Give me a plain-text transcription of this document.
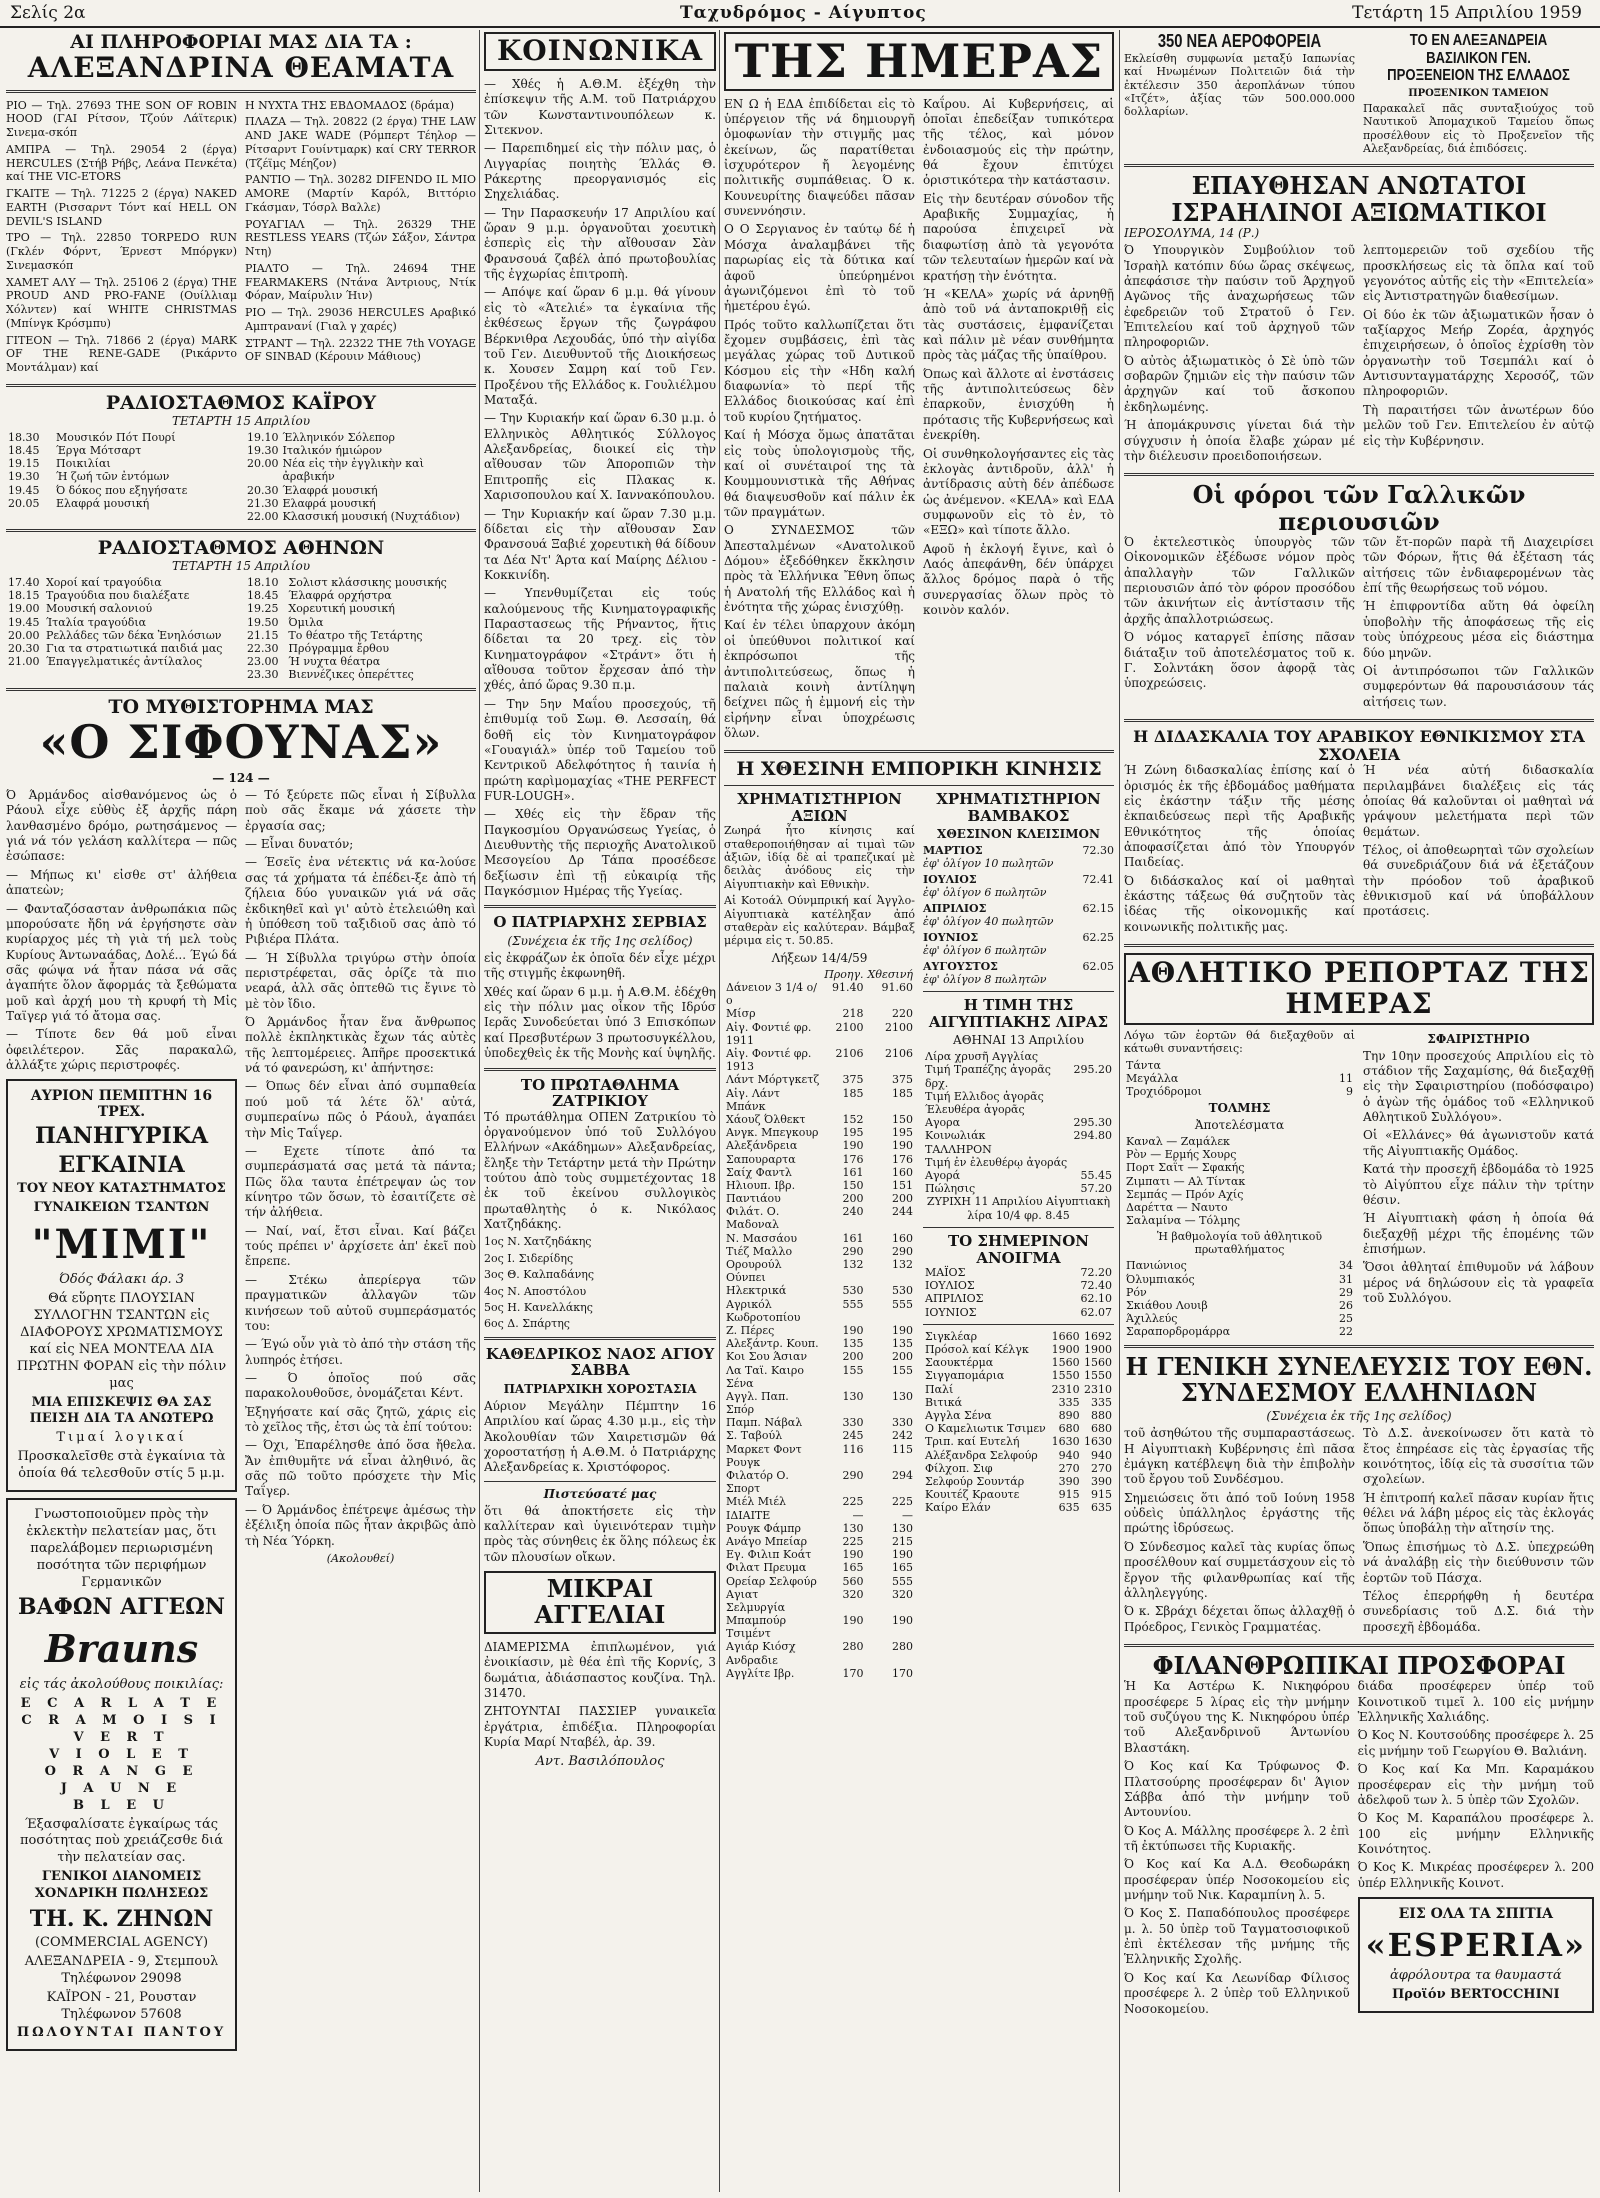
Σελίς 2α	Ταχυδρόμος - Αίγυπτος	Τετάρτη 15 Απριλίου 1959
ΑΙ ΠΛΗΡΟΦΟΡΙΑΙ ΜΑΣ ΔΙΑ ΤΑ :
ΑΛΕΞΑΝΔΡΙΝΑ ΘΕΑΜΑΤΑ

ΡΙΟ — Τηλ. 27693 THE SON OF ROBIN HOOD (ΓΑΙ Ρίτσον, Τζούν Λάϊτερικ) Σινεμα-σκόπ

ΑΜΠΡΑ — Τηλ. 29054 2 (έργα) HERCULES (Στήβ Ρήβς, Λεάνα Πενκέτα) καί THE VIC-ETORS

ΓΚΑΙΤΕ — Τηλ. 71225 2 (έργα) NAKED EARTH (Ρισσαρντ Τόντ καί HELL ON DEVIL'S ISLAND

ΤΡΟ — Τηλ. 22850 TORPEDO RUN (Γκλέν Φόρντ, Έρνεστ Μπόργκν) Σινεμασκόπ

ΧΑΜΕΤ ΑΛΥ — Τηλ. 25106 2 (έργα) THE PROUD AND PRO-FANE (Ουίλλιαμ Χόλντεν) καί WHITE CHRISTMAS (Μπίνγκ Κρόσμπυ)

ΓΙΤΕΟΝ — Τηλ. 71866 2 (έργα) MARK OF THE RENE-GADE (Ρικάρντο Μοντάλμαν) καί

Η ΝΥΧΤΑ ΤΗΣ ΕΒΔΟΜΑΔΟΣ (δράμα)

ΠΛΑΖΑ — Τηλ. 20822 (2 έργα) THE LAW AND JAKE WADE (Ρόμπερτ Τέηλορ — Ρίτσαρντ Γουίντμαρκ) καί CRY TERROR (Τζέϊμς Μέηζον)

ΡΑΝΤΙΟ — Τηλ. 30282 DIFENDO IL MIO AMORE (Μαρτίν Καρόλ, Βιττόριο Γκάσμαν, Τόσρλ Βαλλε)

ΡΟΥΑΓΙΑΛ — Τηλ. 26329 THE RESTLESS YEARS (Τζών Σάξον, Σάντρα Ντη)

ΡΙΑΛΤΟ — Τηλ. 24694 THE FEARMAKERS (Ντάνα Άντριους, Ντίκ Φόραν, Μαίρυλιν Ήιν)

ΡΙΟ — Τηλ. 29036 HERCULES Αραβικό Αμπτρανανί (Γιαλ γ χαρές)

ΣΤΡΑΝΤ — Τηλ. 22322 THE 7th VOYAGE OF SINBAD (Κέρουιν Μάθιους)

ΡΑΔΙΟΣΤΑΘΜΟΣ ΚΑΪΡΟΥ
ΤΕΤΑΡΤΗ 15 Απριλίου
18.30	Μουσικόν Πότ Πουρί
18.45	Έργα Μότσαρτ
19.15	Ποικιλίαι
19.30	Ή ζωή τῶν ἐντόμων
19.45	Ό δόκος που εξηγήσατε
20.05	Ελαφρά μουσική
19.10	Έλληνικόν Σόλεπορ
19.30	Ιταλικόν ήμιώρον
20.00	Νέα εἰς τὴν ἐγγλικὴν καὶ ἀραβικήν
20.30	Έλαφρά μουσική
21.30	Ελαφρά μουσική
22.00	Κλασσική μουσική (Νυχτάδιον)
ΡΑΔΙΟΣΤΑΘΜΟΣ ΑΘΗΝΩΝ
ΤΕΤΑΡΤΗ 15 Απριλίου
17.40	Χοροί καί τραγούδια
18.15	Τραγούδια που διαλέξατε
19.00	Μουσική σαλονιού
19.45	Ίταλία τραγούδια
20.00	Ρελλάδες τῶν δέκα Ἐνηλόσιων
20.30	Για τα στρατιωτικά παιδιά μας
21.00	Έπαγγελματικές ἀντίλαλος
18.10	Σολιστ κλάσσικης μουσικής
18.45	Έλαφρά ορχήστρα
19.25	Χορευτική μουσική
19.50	Όμιλα
21.15	Το θέατρο τῆς Τετάρτης
22.30	Πρόγραμμα ἔρθου
23.00	Ή νυχτα θέατρα
23.30	Βιεννέζικες ὁπερέττες
ΤΟ ΜΥΘΙΣΤΟΡΗΜΑ ΜΑΣ
«Ο ΣΙΦΟΥΝΑΣ»
— 124 —

Ό Άρμάνδος αἰσθανόμενος ὡς ὁ Ράουλ εἶχε εὐθὺς ἐξ ἀρχῆς πάρη λανθασμένο δρόμο, ρωτησάμενος — γιά νά τόν γελάση καλλίτερα — πῶς ἐσώπασε:

— Μήπως κι' εἰσθε στ' ἀλήθεια ἀπατεὼν;

— Φανταζόσασταν ἀνθρωπάκια πῶς μπορούσατε ἤδη νά ἐργήσηστε σὰν κυρίαρχος μές τὴ γιὰ τή μελ τοὺς Κυρίους Άντωναάδας, Δολέ... Έγώ δά σᾶς φώψα νά ἦταν πάσα νά σᾶς ἀγαπήτε ὅλον ἄφορμάς τὰ ξεθώματα μοῦ καὶ ἀρχή μου τὴ κρυφή τὴ Μἰς Ταϊγερ γιά τό ἄτομα σας.

— Τίποτε δεν θά μοῦ εἶναι ὀφειλέτερον. Σᾶς παρακαλῶ, ἀλλάξτε χώρις περιστροφές.

ΑΥΡΙΟΝ ΠΕΜΠΤΗΝ 16 ΤΡΕΧ.
ΠΑΝΗΓΥΡΙΚΑ
ΕΓΚΑΙΝΙΑ
ΤΟΥ ΝΕΟΥ ΚΑΤΑΣΤΗΜΑΤΟΣ
ΓΥΝΑΙΚΕΙΩΝ ΤΣΑΝΤΩΝ
"ΜΙΜΙ"
Όδός Φάλακι άρ. 3
Θά εὕρητε ΠΛΟΥΣΙΑΝ ΣΥΛΛΟΓΗΝ ΤΣΑΝΤΩΝ εἰς ΔΙΑΦΟΡΟΥΣ ΧΡΩΜΑΤΙΣΜΟΥΣ καί εἰς ΝΕΑ ΜΟΝΤΕΛΑ ΔΙΑ ΠΡΩΤΗΝ ΦΟΡΑΝ εἰς τὴν πόλιν μας
ΜΙΑ ΕΠΙΣΚΕΨΙΣ ΘΑ ΣΑΣ ΠΕΙΣΗ ΔΙΑ ΤΑ ΑΝΩΤΕΡΩ
Τιμαί λογικαί
Προσκαλεῖσθε στὰ ἐγκαίνια τὰ ὁποία θά τελεσθοῦν στίς 5 μ.μ.
Γνωστοποιοῦμεν πρὸς τὴν ἐκλεκτὴν πελατείαν μας, ὅτι παρελάβομεν περιωρισμένη ποσότητα τῶν περιφήμων Γερμανικῶν
ΒΑΦΩΝ ΑΓΓΕΩΝ
Brauns
εἰς τάς ἀκολούθους ποικιλίας:
E C A R L A T E
C R A M O I S I
V E R T
V I O L E T
O R A N G E
J A U N E
B L E U
Έξασφαλίσατε ἐγκαίρως τάς ποσότητας ποὺ χρειάζεσθε διά τὴν πελατείαν σας.
ΓΕΝΙΚΟΙ ΔΙΑΝΟΜΕΙΣ ΧΟΝΔΡΙΚΗ ΠΩΛΗΣΕΩΣ
ΤΗ. Κ. ΖΗΝΩΝ
(COMMERCIAL AGENCY)
ΑΛΕΞΑΝΔΡΕΙΑ - 9, Στεμπουλ Τηλέφωνον 29098
ΚΑΪΡΟΝ - 21, Ρουσταν Τηλέφωνον 57608
ΠΩΛΟΥΝΤΑΙ ΠΑΝΤΟΥ

— Τό ξεύρετε πῶς εἶναι ἡ Σίβυλλα ποὺ σᾶς ἔκαμε νά χάσετε τὴν ἐργασία σας;

— Εἶναι δυνατόν;

— Έσεῖς ἐνα νέτεκτις νά κα-λούσε σας τά χρήματα τά ἐπέδει-ξε ἀπὸ τή ζήλεια δύο γυναικῶν γιά νά σᾶς ἐκδικηθεῖ καὶ γι' αὐτὸ ἐτελειώθη καὶ ἡ ὑπόθεση τοῦ ταξιδιοῦ σας ἀπὸ τό Ριβιέρα Πλάτα.

— Ή Σίβυλλα τριγύρω στὴν ὁποία περιστρέφεται, σᾶς ὁρίζε τὰ πιο νεαρά, ἀλλ σᾶς ὀπτεθῶ τις ἔγινε τὸ μὲ τὸν ἴδιο.

Ό Άρμάνδος ἦταν ἕνα ἄνθρωπος πολλὲ ἐκπληκτικὰς ἔχων τάς αὐτὲς τῆς λεπτομέρειες. Άπῆρε προσεκτικά νά τό φανερώση, κι' ἀπήντησε:

— Όπως δέν εἶναι ἀπό συμπαθεία πού μοῦ τά λέτε ὅλ' αὐτά, συμπεραίνω πῶς ὁ Ράουλ, ἀγαπάει τὴν Μἰς Ταΐγερ.

— Εχετε τίποτε ἀπό τα συμπεράσματά σας μετά τὰ πάντα; Πῶς ὅλα ταυτα ἐπέτρεψαν ὡς τον κίνητρο τῶν ὅσων, τὸ ἐσαιτίζετε σὲ τήν ἀλήθεια.

— Ναί, ναί, ἔτσι εἶναι. Καί βάζει τούς πρέπει ν' ἀρχίσετε ἀπ' ἐκεῖ ποὺ ἔπρεπε.

— Στέκω ἀπερίεργα τῶν πραγματικῶν ἀλλαγῶν τῶν κινήσεων τοῦ αὐτοῦ συμπεράσματός του:

— Έγώ οὖν γιὰ τὸ ἀπό τὴν στάση τῆς λυπηρός ἐτήσει.

— Ό ὁποῖος πού σᾶς παρακολουθοῦσε, ὀνομάζεται Κέντ.

Ἐξηγήσατε καί σᾶς ζητῶ, χάρις εἰς τὸ χεῖλος τῆς, ἐτσι ὡς τὰ ἐπί τούτου:

— Όχι, Ἐπαρέλησθε ἀπό ὅσα ἤθελα. Ἄν ἐπιθυμῆτε νά εἶναι ἀληθινό, ἂς σᾶς πῶ τοῦτο πρόσχετε τὴν Μἰς Ταΐγερ.

— Ό Άρμάνδος ἐπέτρεψε ἀμέσως τὴν ἐξέλιξη ὁποία πῶς ἦταν ἀκριβῶς ἀπὸ τὴ Νέα Ύόρκη.

(Ακολουθεί)
ΚΟΙΝΩΝΙΚΑ

— Χθές ἡ Α.Θ.Μ. ἐξέχθη τὴν ἐπίσκεψιν τῆς Α.Μ. τοῦ Πατριάρχου τῶν Κωνσταντινουπόλεων κ. Σιτεκνον.

— Παρεπιδημεί εἰς τὴν πόλιν μας, ὁ Λιγγαρίας ποιητὴς Έλλάς Θ. Ράκερτης πρεοργανισμός εἰς Σηχελιάδας.

— Την Παρασκευήν 17 Απριλίου καί ὥραν 9 μ.μ. ὀργανοῦται χοευτικὴ ἑσπερὶς εἰς τὴν αἴθουσαν Σὰν Φρανσουά ζαβέλ ἀπό πρωτοβουλίας τῆς ἐγχωρίας ἐπιτροπὴ.

— Απόψε καί ὥραν 6 μ.μ. θά γίνουν εἰς τὸ «Άτελιέ» τα ἐγκαίνια τῆς ἐκθέσεως ἔργων τῆς ζωγράφου Βέρκνιθρα Λεχουδάς, ὑπό τὴν αἰγίδα τοῦ Γεν. Διευθυντοῦ τῆς Διοικήσεως κ. Χουσεν Σαμρη καί τοῦ Γεν. Προξένου τῆς Ελλάδος κ. Γουλιέλμου Ματαξά.

— Την Κυριακήν καί ὥραν 6.30 μ.μ. ὁ Ελληνικὸς Αθλητικός Σύλλογος Αλεξανδρείας, διοικεί εἰς τὴν αἴθουσαν τῶν Άποροπιῶν τὴν Επιτροπῆς εἰς Πλακας κ. Χαρισοπουλου καί Χ. Ιαννακόπουλου.

— Την Κυριακήν καί ὥραν 7.30 μ.μ. δίδεται εἰς τὴν αἴθουσαν Σαν Φρανσουά Ξαβιέ χορευτικὴ θά δίδουν τα Δέα Ντ' Άρτα καί Μαίρης Δέλιου - Κοκκινίδη.

— Υπενθυμίζεται εἰς τούς καλούμενους τῆς Κινηματογραφικῆς Παραστασεως τῆς Ρήναντος, ἥτις δίδεται τα 20 τρεχ. εἰς τὸν Κινηματογράφον «Στράντ» ὅτι ἡ αἴθουσα τοῦτον ἔρχεσαν ἀπό τὴν χθές, ἀπό ὥρας 9.30 π.μ.

— Την 5ην Μαΐου προσεχούς, τῆ ἐπιθυμίᾳ τοῦ Σωμ. Θ. Λεσσαίη, θά δοθῆ εἰς τὸν Κινηματογράφον «Γουαγιάλ» ὑπέρ τοῦ Ταμείου τοῦ Κεντρικοῦ Αδελφότητος ἡ ταινία ἡ πρώτη καρὶμομαχίας «THE PERFECT FUR-LOUGH».

— Χθές εἰς τὴν ἕδραν τῆς Παγκοσμίου Οργανώσεως Υγείας, ὁ Διευθυντὴς τῆς περιοχῆς Ανατολικοῦ Μεσογείου Δρ Τάπα προσέδεσε δεξίωσιν ἐπὶ τῇ εὐκαιρίᾳ τῆς Παγκόσμιον Ημέρας τῆς Υγείας.

Ο ΠΑΤΡΙΑΡΧΗΣ ΣΕΡΒΙΑΣ
(Συνέχεια ἐκ τῆς 1ης σελίδος)

εἰς ἐκφράζων ἐκ ὁποῖα δέν εἶχε μέχρι τῆς στιγμῆς ἐκφωνηθῆ.

Χθές καί ὥραν 6 μ.μ. ἡ Α.Θ.Μ. ἐδέχθη εἰς τὴν πόλιν μας οἶκον τῆς Ιδρύσ Ιερᾶς Συνοδεύεται ὑπό 3 Επισκόπων καί Πρεσβυτέρων 3 πρωτοσυγκέλλου, ὑποδεχθεὶς ἐκ τῆς Μονὴς καί ὑψηλῆς.

ΤΟ ΠΡΩΤΑΘΛΗΜΑ ΖΑΤΡΙΚΙΟΥ

Τό πρωτάθλημα ΟΠΕΝ Ζατρικίου τὸ ὀργανούμενον ὑπό τοῦ Συλλόγου Ελλήνων «Ακάδημων» Αλεξανδρείας, ἔληξε τὴν Τετάρτην μετά τὴν Πρώτην τούτου ἀπὸ τοὺς συμμετέχοντας 18 ἐκ τοῦ ἐκείνου συλλογικὸς πρωταθλητὴς ὁ κ. Νικόλαος Χατζηδάκης.

1ος Ν. Χατζηδάκης

2ος Ι. Σιδερίδης

3ος Θ. Καλπαδάνης

4ος Ν. Αποστόλου

5ος Η. Κανελλάκης

6ος Δ. Σπάρτης

ΚΑΘΕΔΡΙΚΟΣ ΝΑΟΣ ΑΓΙΟΥ ΣΑΒΒΑ
ΠΑΤΡΙΑΡΧΙΚΗ ΧΟΡΟΣΤΑΣΙΑ

Αύριον Μεγάλην Πέμπτην 16 Απριλίου καί ὥρας 4.30 μ.μ., εἰς τὴν Ἀκολουθίαν τῶν Χαιρετισμῶν θά χοροστατήσῃ ἡ Α.Θ.Μ. ὁ Πατριάρχης Αλεξανδρείας κ. Χριστόφορος.

Πιστεύσατέ μας

ὅτι θά ἀποκτήσετε εἰς τὴν καλλίτεραν καὶ ὑγιεινότεραν τιμὴν πρὸς τὰς σύνηθεις ἐκ ὅλης πόλεως ἐκ τῶν πλουσίων οἴκων.

ΜΙΚΡΑΙ ΑΓΓΕΛΙΑΙ

ΔΙΑΜΕΡΙΣΜΑ ἐπιπλωμένον, γιά ἐνοικίασιν, μὲ θέα ἐπὶ τῆς Κορνίς, 3 δωμάτια, ἀδιάσπαστος κουζίνα. Τηλ. 31470.

ΖΗΤΟΥΝΤΑΙ ΠΑΣΣΙΕΡ γυναικεῖα ἐργάτρια, ἐπιδέξια. Πληροφορίαι Κυρία Μαρί Νταβέλ, ἀρ. 39.

Αντ. Βασιλόπουλος
ΤΗΣ ΗΜΕΡΑΣ

ΕΝ Ω ἡ ΕΔΑ ἐπιδίδεται εἰς τὸ ὑπέργειον τῆς νά δημιουργῆ ὁμοφωνίαν τὴν στιγμῆς μας ἐκείνων, ὥς παρατίθεται ἰσχυρότερον ἤ λεγομένης πολιτικῆς συμπάθειας. Ό κ. Κουνευρίτης διαψεύδει πᾶσαν συνεννόησιν.

Ο Ο Σεργιανος ἐν ταύτῳ δέ ἡ Μόσχα ἀναλαμβάνει τῆς παρωρίας εἰς τὰ δύτικα καί ἀφοῦ ὑπεύρημένοι ἀγωνιζόμενοι ἐπὶ τὸ τοῦ ἡμετέρου ἐγώ.

Πρός τοῦτο καλλωπίζεται ὅτι ἔχομεν συμβάσεις, ἐπὶ τὰς μεγάλας χώρας τοῦ Δυτικοῦ Κόσμου εἰς τὴν «Ηδη καλή διαφωνία» τὸ περί τῆς Ελλάδος διοικούσας καί ἐπὶ τοῦ κυρίου ζητήματος.

Καί ἡ Μόσχα ὅμως ἀπατᾶται εἰς τοὺς ὑπολογισμοὺς τῆς, καί οἱ συνέταιροί της τὰ Κουμμουνιστικὰ τῆς Αθήνας θά διαψευσθοῦν καί πάλιν ἐκ τῶν πραγμάτων.

Ο ΣΥΝΔΕΣΜΟΣ τῶν Ἀπεσταλμένων «Ανατολικοῦ Δόμου» ἐξεδόθηκεν ἔκκλησιν πρὸς τὰ Ἐλλήνικα Ἔθνη ὅπως ἡ Ανατολή τῆς Ελλάδος καὶ ἡ ἐνότητα τῆς χώρας ἐνισχύθῃ.

Καί ἐν τέλει ὑπαρχουν ἀκόμη οἱ ὑπεύθυνοι πολιτικοί καί ἐκπρόσωποι τῆς ἀντιπολιτεύσεως, ὅπως ἡ παλαιὰ κοινὴ ἀντίληψη δείχνει πῶς ἡ ἐμμονή εἰς τὴν εἰρήνην εἶναι ὑποχρέωσις ὅλων.

Καΐρου. Αἱ Κυβερνήσεις, αἱ ὁποῖαι ἐπεδείξαν τυπικότερα τῆς τέλος, καὶ μόνον ἐνδοιασμούς εἰς τὴν πρώτην, θά ἔχουν ἐπιτύχει ὁριστικότερα τὴν κατάστασιν.

Εἰς τὴν δευτέραν σύνοδον τῆς Αραβικῆς Συμμαχίας, ἡ παρούσα ἐπιχειρεῖ νὰ διαφωτίσῃ ἀπὸ τὰ γεγονότα τῶν τελευταίων ἡμερῶν καί νὰ κρατήσῃ τὴν ἑνότητα.

Ή «ΚΕΛΑ» χωρίς νά ἀρνηθῇ ἀπὸ τοῦ νά ἀνταποκριθῇ εἰς τὰς συστάσεις, ἐμφανίζεται καὶ πάλιν μὲ νέαν συνθήμητα πρὸς τὰς μάζας τῆς ὑπαίθρου.

Όπως καὶ ἄλλοτε αἱ ἐνστάσεις τῆς ἀντιπολιτεύσεως δὲν ἐπαρκοῦν, ἐνισχύθη ἡ πρότασις τῆς Κυβερνήσεως καὶ ἐνεκρίθη.

Οἱ συνθηκολογήσαντες εἰς τὰς ἐκλογὰς ἀντιδροῦν, ἀλλ' ἡ ἀντίδρασις αὐτὴ δέν ἀπέδωσε ὡς ἀνέμενον. «ΚΕΛΑ» καὶ ΕΔΑ συμφωνοῦν εἰς τὸ ἐν, τὸ «ΕΞΩ» καὶ τίποτε ἄλλο.

Αφοῦ ἡ ἐκλογή ἔγινε, καὶ ὁ Λαός ἀπεφάνθη, δέν ὑπάρχει ἄλλος δρόμος παρὰ ὁ τῆς συνεργασίας ὅλων πρὸς τὸ κοινὸν καλόν.

Η ΧΘΕΣΙΝΗ ΕΜΠΟΡΙΚΗ ΚΙΝΗΣΙΣ
ΧΡΗΜΑΤΙΣΤΗΡΙΟΝ ΑΞΙΩΝ

Ζωηρά ἦτο κίνησις καί σταθεροποιήθησαν αἱ τιμαὶ τῶν ἀξιῶν, ἰδίᾳ δὲ αἱ τραπεζικαί μὲ δειλὰς ἀνόδους εἰς τὴν Αἰγυπτιακὴν καὶ Εθνικὴν.

Αἱ Κοτοάλ Ούνμπρική καί Ἀγγλο-Αἰγυπτιακὰ κατέληξαν ἀπό σταθερὰν εἰς καλύτεραν. Βάμβαξ μέριμα εἰς τ. 50.85.

Λήξεων 14/4/59
	Προηγ.	Χθεσινή
Δάνειον 3 1/4 ο/ο	91.40	91.60
Μίσρ	218	220
Αἰγ. Φοντιέ φρ. 1911	2100	2100
Αἰγ. Φοντιέ φρ. 1913	2106	2106
Λάντ Μόρτγκετζ	375	375
Αἰγ. Λάντ Μπάνκ	185	185
Χάουζ Όλθεκτ	152	150
Ανγκ. Μπεγκουρ	195	195
Αλεξάνδρεια	190	190
Σαπουραρτα	176	176
Σαίχ Φαντλ	161	160
Ηλιουπ. Ιβρ.	150	151
Παντιάου	200	200
Φιλάτ. Ο. Μαδοναλ	240	244
Ν. Μασσάου	161	160
Τιέζ Μαλλο	290	290
Ορουρούλ Ούνπει	132	132
Ηλεκτρικά	530	530
Αγρικόλ Κωδροτοπίου	555	555
Ζ. Πέρες	190	190
Αλεξάντρ. Κουπ.	135	135
Κοι Σου Άσιαν	200	200
Λα Ταϊ. Καιρο Σένα	155	155
Αγγλ. Παπ. Σπόρ	130	130
Παμπ. Νάβαλ	330	330
Σ. Ταβούλ	245	242
Μαρκετ Φοντ Ρουγκ	116	115
Φιλατόρ Ο. Σπορτ	290	294
Μιέλ Μιέλ	225	225
ΙΔΙΑΙΤΕ	—	—
Ρουγκ Φάμπρ	130	130
Ανάγο Μπείαρ	225	215
Εγ. Φιλιπ Κοάτ	190	190
Φιλατ Πρευμα	165	165
Ορείαρ Σελφούρ	560	555
Αγιατ Σελμυργία	320	320
Μπαμπούρ Τσιμέντ	190	190
Αγιάρ Κιόσχ Ανδραδιε	280	280
Αγγλίτε Ιβρ.	170	170
ΧΡΗΜΑΤΙΣΤΗΡΙΟΝ ΒΑΜΒΑΚΟΣ
ΧΘΕΣΙΝΟΝ ΚΛΕΙΣΙΜΟΝ
ΜΑΡΤΙΟΣ	72.30
ἐφ' ὀλίγον 10 πωλητῶν
ΙΟΥΛΙΟΣ	72.41
ἐφ' ὀλίγον 6 πωλητῶν
ΑΠΡΙΛΙΟΣ	62.15
ἐφ' ὀλίγον 40 πωλητῶν
ΙΟΥΝΙΟΣ	62.25
ἐφ' ὀλίγον 6 πωλητῶν
ΑΥΓΟΥΣΤΟΣ	62.05
ἐφ' ὀλίγον 8 πωλητῶν
Η ΤΙΜΗ ΤΗΣ ΑΙΓΥΠΤΙΑΚΗΣ ΛΙΡΑΣ
ΑΘΗΝΑΙ 13 Απριλίου
Λίρα χρυσῆ Αγγλίας	
Τιμή Τραπέζης ἀγορᾶς δρχ.	295.20
Τιμή Ελλιδος ἀγορᾶς	
Έλευθέρα ἀγορᾶς	
Αγορα	295.30
Κοινωλιάκ	294.80
ΤΑΛΛΗΡΟΝ	
Τιμή ἐν ἐλευθέρῳ ἀγοράς	
Αγορά	55.45
Πώλησις	57.20

ΖΥΡΙΧΗ 11 Απριλίου Αἰγυπτιακὴ λίρα 10/4 φρ. 8.45

ΤΟ ΣΗΜΕΡΙΝΟΝ ΑΝΟΙΓΜΑ
ΜΑΪΟΣ	72.20
ΙΟΥΛΙΟΣ	72.40
ΑΠΡΙΛΙΟΣ	62.10
ΙΟΥΝΙΟΣ	62.07
Σιγκλέαρ	1660	1692
Πρόσολ καί Κέλγκ	1900	1900
Σαουκτέρμα	1560	1560
Σιγγαπομάρια	1550	1550
Παλί	2310	2310
Βιτικά	335	335
Αγγλα Σένα	890	880
Ο Καμελιωτικ Τσιμεν	680	680
Τριπ. καί Ευτελή	1630	1630
Αλέξανδρα Σελφούρ	940	940
Φίλχοπ. Σιφ	270	270
Σελφούρ Σουντάρ	390	390
Κουιτέζ Κραουτε	915	915
Καίρο Ελάν	635	635
350 ΝΕΑ ΑΕΡΟΦΟΡΕΙΑ

Εκλείσθη συμφωνία μεταξύ Ιαπωνίας καί Ηνωμένων Πολιτειῶν διά τὴν ἐκτέλεσιν 350 ἀεροπλάνων τύπου «Ιτζέτ», ἀξίας τῶν 500.000.000 δολλαρίων.

ΤΟ ΕΝ ΑΛΕΞΑΝΔΡΕΙΑ ΒΑΣΙΛΙΚΟΝ ΓΕΝ. ΠΡΟΞΕΝΕΙΟΝ ΤΗΣ ΕΛΛΑΔΟΣ
ΠΡΟΞΕΝΙΚΟΝ ΤΑΜΕΙΟΝ

Παρακαλεῖ πᾶς συνταξιούχος τοῦ Ναυτικοῦ Ἀπομαχικοῦ Ταμείου ὅπως προσέλθουν εἰς τὸ Προξενεῖον τῆς Αλεξανδρείας, διά ἐπιδόσεις.

ΕΠΑΥΘΗΣΑΝ ΑΝΩΤΑΤΟΙ ΙΣΡΑΗΛΙΝΟΙ ΑΞΙΩΜΑΤΙΚΟΙ
ΙΕΡΟΣΟΛΥΜΑ, 14 (Ρ.)

Ό Υπουργικὸν Συμβούλιον τοῦ Ἰσραὴλ κατόπιν δύω ὥρας σκέψεως, ἀπεφάσισε τὴν παύσιν τοῦ Άρχηγοῦ Αγῶνος τῆς ἀναχωρήσεως τῶν ἐφεδρειῶν τοῦ Στρατοῦ ὁ Γεν. Ἐπιτελείου καί τοῦ ἀρχηγοῦ τῶν πληροφοριῶν.

Ό αὐτὸς ἀξιωματικὸς ὁ Σὲ ὑπὸ τῶν σοβαρῶν ζημιῶν εἰς τὴν παύσιν τῶν ἀρχηγῶν καί τοῦ ἄσκοπου ἐκδηλωμένης.

Ή ἀπομάκρυνσις γίνεται διά τὴν σύγχυσιν ἡ ὁποία ἔλαβε χώραν μέ τὴν διέλευσιν προειδοποιήσεων.

λεπτομερειῶν τοῦ σχεδίου τῆς προσκλήσεως εἰς τὰ ὅπλα καί τοῦ γεγονότος αὐτῆς εἰς τὴν «Επιτελεία» εἰς Ἀντιστρατηγῶν διαθεσίμων.

Οἱ δύο ἐκ τῶν ἀξιωματικῶν ἦσαν ὁ ταξίαρχος Μεήρ Ζορέα, ἀρχηγός ἐπιχειρήσεων, ὁ ὁποῖος ἐχρίσθη τὸν ὀργανωτὴν τοῦ Τσεμπάλι καί ὁ Αντισυνταγματάρχης Χεροσόζ, τῶν πληροφοριῶν.

Τὴ παραιτήσει τῶν ἀνωτέρων δύο μελῶν τοῦ Γεν. Επιτελείου ἐν αὐτῷ εἰς τὴν Κυβέρνησιν.

Οἱ φόροι τῶν Γαλλικῶν περιουσιῶν

Ό ἐκτελεστικὸς ὑπουργὸς τῶν Οἰκονομικῶν ἐξέδωσε νόμον πρὸς ἀπαλλαγὴν τῶν Γαλλικῶν περιουσιῶν ἀπό τὸν φόρον προσόδου τῶν ἀκινήτων εἰς ἀντίστασιν τῆς ἀρχῆς ἀπαλλοτριώσεως.

Ό νόμος καταργεῖ ἐπίσης πᾶσαν διάταξιν τοῦ ἀποτελέσματος τοῦ κ. Γ. Σολντάκη ὅσον ἀφορᾷ τὰς ὑποχρεώσεις.

τῶν ἔτ-πορῶν παρὰ τῆ Διαχειρίσει τῶν Φόρων, ἥτις θά ἐξέταση τάς αἰτήσεις τῶν ἐνδιαφερομένων τὰς ἐπί τῆς θεωρήσεως τοῦ νόμου.

Ή ἐπιφροντίδα αὕτη θά ὀφείλη ὑποβολὴν τῆς ἀποφάσεως τῆς εἰς τοὺς ὑπόχρεους μέσα εἰς διάστημα δύο μηνῶν.

Οἱ ἀντιπρόσωποι τῶν Γαλλικῶν συμφερόντων θά παρουσιάσουν τάς αἰτήσεις των.

Η ΔΙΔΑΣΚΑΛΙΑ ΤΟΥ ΑΡΑΒΙΚΟΥ ΕΘΝΙΚΙΣΜΟΥ ΣΤΑ ΣΧΟΛΕΙΑ

Ή Ζώνη διδασκαλίας ἐπίσης καί ὁ ὀρισμός ἐκ τῆς ἐβδομάδος μαθήματα εἰς ἐκάστην τάξιν τῆς μέσης ἐκπαιδεύσεως περὶ τῆς Αραβικῆς Εθνικότητος τῆς ὁποίας ἀποφασίζεται ἀπό τὸν Υπουργόν Παιδείας.

Ό διδάσκαλος καί οἱ μαθηταὶ ἐκάστης τάξεως θά συζητοῦν τὰς ἰδέας τῆς οἰκονομικῆς καί κοινωνικῆς πολιτικῆς μας.

Ή νέα αὐτή διδασκαλία περιλαμβάνει διαλέξεις εἰς τάς ὁποίας θά καλοῦνται οἱ μαθηταὶ νά γράψουν μελετήματα περὶ τῶν θεμάτων.

Τέλος, οἱ ἀποθεωρηταὶ τῶν σχολείων θά συνεδριάζουν διά νά ἐξετάζουν τὴν πρόοδον τοῦ ἀραβικοῦ ἐθνικισμοῦ καί νά ὑποβάλλουν προτάσεις.

ΑΘΛΗΤΙΚΟ ΡΕΠΟΡΤΑΖ ΤΗΣ ΗΜΕΡΑΣ

Λόγω τῶν ἑορτῶν θά διεξαχθοῦν αἱ κάτωθι συναντήσεις:

Τάντα	
Μεγάλλα	11
Τροχιόδρομοι	9
ΤΟΛΜΗΣ
Ἀποτελέσματα
Καναλ — Ζαμάλεκ	
Ρὸν — Ερμής Χουρς	
Πορτ Σαΐτ — Σφακής	
Ζιμπατι — Αλ Τίντακ	
Σεμπάς — Πρόν Αχίς	
Δαρέττα — Ναυτο	
Σαλαμίνα — Τόλμης	
Ἡ βαθμολογία τοῦ ἀθλητικοῦ πρωταθλήματος
Πανιώνιος	34
Όλυμπιακός	31
Ρόν	29
Σκιάθου Λουιβ	26
Άχιλλεύς	25
Σαραπορδρομάρρα	22
ΣΦΑΙΡΙΣΤΗΡΙΟ

Την 10ην προσεχούς Απριλίου εἰς τὸ στάδιον τῆς Σαχαμίσης, θά διεξαχθῇ εἰς τὴν Σφαιριστηρίου (ποδόσφαιρο) ὁ ἀγὼν τῆς ὁμάδος τοῦ «Ελληνικοῦ Αθλητικοῦ Συλλόγου».

Οἱ «Ελλάνες» θά ἀγωνιστοῦν κατά τῆς Αἰγυπτιακῆς Ομάδος.

Κατά τὴν προσεχῆ ἑβδομάδα τὸ 1925 τὸ Αἰγύπτου εἶχε πάλιν τὴν τρίτην θέσιν.

Ή Αἰγυπτιακὴ φάση ἡ ὁποία θά διεξαχθῇ μέχρι τῆς ἑπομένης τῶν ἐπισήμων.

Ὅσοι ἀθληταί ἐπιθυμοῦν νά λάβουν μέρος νά δηλώσουν εἰς τὰ γραφεῖα τοῦ Συλλόγου.

Η ΓΕΝΙΚΗ ΣΥΝΕΛΕΥΣΙΣ ΤΟΥ ΕΘΝ. ΣΥΝΔΕΣΜΟΥ ΕΛΛΗΝΙΔΩΝ
(Συνέχεια ἐκ τῆς 1ης σελίδος)

τοῦ ἀσηθώτου τῆς συμπαραστάσεως. Η Αἰγυπτιακὴ Κυβέρνησις ἐπὶ πᾶσα ἐμάγκη κατέβλεψη διὰ τὴν ἐπιβολὴν τοῦ ἔργου τοῦ Συνδέσμου.

Σημειώσεις ὅτι ἀπό τοῦ Ιούνη 1958 οὐδεὶς ὑπάλληλος ἐργάστης τῆς πρώτης ἰδρύσεως.

Ό Σύνδεσμος καλεῖ τὰς κυρίας ὅπως προσέλθουν καί συμμετάσχουν εἰς τὸ ἔργον τῆς φιλανθρωπίας καί τῆς ἀλληλεγγύης.

Ό κ. Σβράχι δέχεται ὅπως ἀλλαχθῇ ὁ Πρόεδρος, Γενικὸς Γραμματέας.

Τὸ Δ.Σ. ἀνεκοίνωσεν ὅτι κατὰ τὸ ἔτος ἐπηρέασε εἰς τὰς ἐργασίας τῆς κοινότητος, ἰδίᾳ εἰς τὰ συσσίτια τῶν σχολείων.

Ή ἐπιτροπή καλεῖ πᾶσαν κυρίαν ἥτις θέλει νά λάβη μέρος εἰς τὰς ἐκλογάς ὅπως ὑποβάλῃ τὴν αἴτησίν της.

Ὅπως ἐπισήμως τὸ Δ.Σ. ὑπεχρεώθη νά ἀναλάβῃ εἰς τὴν διεύθυνσιν τῶν ἑορτῶν τοῦ Πάσχα.

Τέλος ἐπερρήφθη ἡ δευτέρα συνεδρίασις τοῦ Δ.Σ. διά τὴν προσεχῆ ἐβδομάδα.

ΦΙΛΑΝΘΡΩΠΙΚΑΙ ΠΡΟΣΦΟΡΑΙ

Ἡ Κα Αστέρω Κ. Νικηφόρου προσέφερε 5 λίρας εἰς τὴν μνήμην τοῦ συζύγου της Κ. Νικηφόρου ὑπέρ τοῦ Αλεξανδρινοῦ Άντωνίου Βλαστάκη.

Ό Κος καί Κα Τρύφωνος Φ. Πλατσούρης προσέφεραν δι' Άγιον Σάββα ἀπό τὴν μνήμην τοῦ Αντουνίου.

Ό Κος Α. Μάλλης προσέφερε λ. 2 ἐπὶ τῆ ἐκτύπωσει τῆς Κυριακῆς.

Ό Κος καί Κα Α.Δ. Θεοδωράκη προσέφεραν ὑπέρ Νοσοκομείου εἰς μνήμην τοῦ Νικ. Καραμπίνη λ. 5.

Ό Κος Σ. Παπαδόπουλος προσέφερε μ. λ. 50 ὑπὲρ τοῦ Ταγματοσιοφικοῦ ἐπὶ ἐκτέλεσαν τῆς μνήμης τῆς Ἑλληνικῆς Σχολῆς.

Ό Κος καί Κα Λεωνίδαρ Φίλισος προσέφερε λ. 2 ὑπὲρ τοῦ Ελληνικοῦ Νοσοκομείου.

διάδα προσέφερεν ὑπέρ τοῦ Κοινοτικοῦ τιμεῖ λ. 100 εἰς μνήμην Ἑλληνικῆς Χαλιάδης.

Ό Κος Ν. Κουτσούδης προσέφερε λ. 25 εἰς μνήμην τοῦ Γεωργίου Θ. Βαλιάνη.

Ό Κος καί Κα Μπ. Καραμάκου προσέφεραν εἰς τὴν μνήμη τοῦ ἀδελφοῦ των λ. 5 ὑπὲρ τῶν Σχολῶν.

Ό Κος Μ. Καραπάλου προσέφερε λ. 100 εἰς μνήμην Ελληνικῆς Κοινότητος.

Ό Κος Κ. Μικρέας προσέφερεν λ. 200 ὑπέρ Ελληνικῆς Κοινοτ.

ΕΙΣ ΟΛΑ ΤΑ ΣΠΙΤΙΑ
«ESPERIA»
ἀφρόλουτρα τα θαυμαστά
Προϊόν BERTOCCHINI
